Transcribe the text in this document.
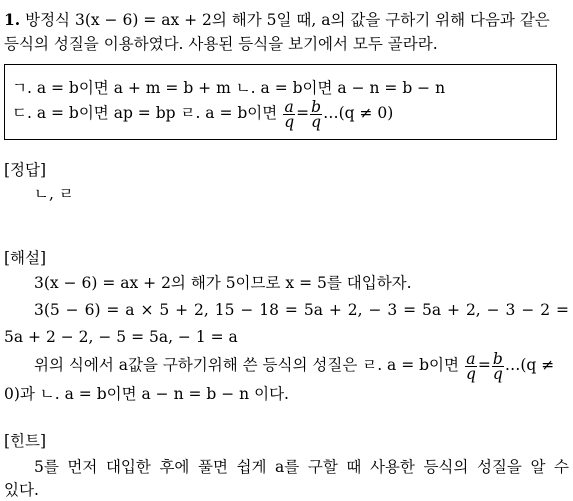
1. 방정식 3(x − 6) = ax + 2의 해가 5일 때, a의 값을 구하기 위해 다음과 같은
등식의 성질을 이용하였다. 사용된 등식을 보기에서 모두 골라라.
ㄱ. a = b이면 a + m = b + m ㄴ. a = b이면 a − n = b − n
ㄷ. a = b이면 ap = bp ㄹ. a = b이면 $\frac{a}{q} = \frac{b}{q}$ …(q ≠ 0)
[정답]
ㄴ, ㄹ
[해설]
3(x − 6) = ax + 2의 해가 5이므로 x = 5를 대입하자.
3(5 − 6) = a × 5 + 2, 15 − 18 = 5a + 2, − 3 = 5a + 2, − 3 − 2 =
5a + 2 − 2, − 5 = 5a, − 1 = a
위의 식에서 a값을 구하기위해 쓴 등식의 성질은 ㄹ. a = b이면 $\frac{a}{q} = \frac{b}{q}$ …(q ≠
0)과 ㄴ. a = b이면 a − n = b − n 이다.
[힌트]
5를 먼저 대입한 후에 풀면 쉽게 a를 구할 때 사용한 등식의 성질을 알 수
있다.
